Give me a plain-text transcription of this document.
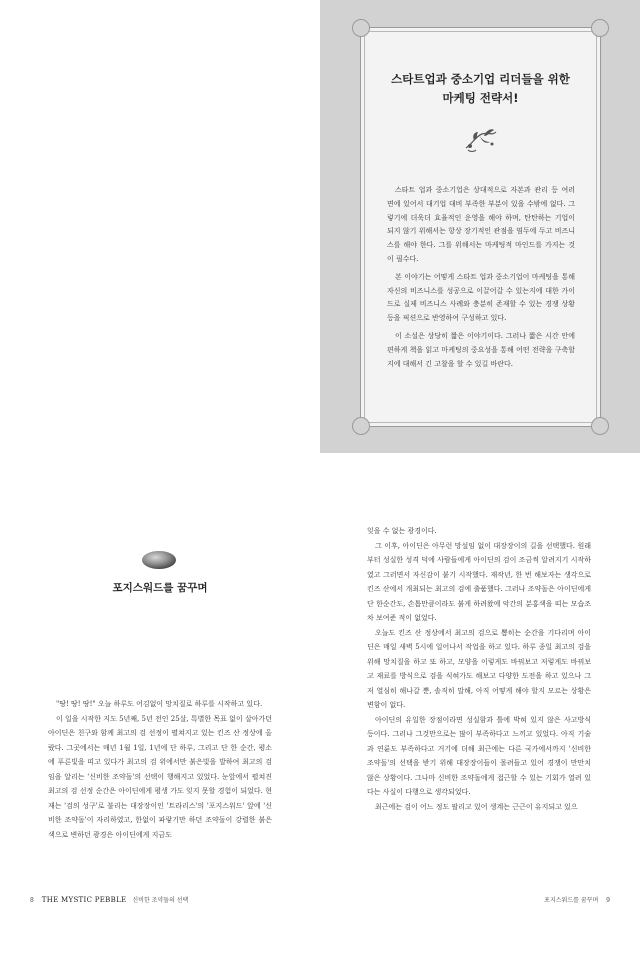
스타트업과 중소기업 리더들을 위한
마케팅 전략서!

스타트 업과 중소기업은 상대적으로 자본과 관리 등 여러 면에 있어서 대기업 대비 부족한 부분이 있을 수밖에 없다. 그렇기에 더욱더 효율적인 운영을 해야 하며, 탄탄하는 기업이 되지 않기 위해서는 항상 장기적인 관점을 염두에 두고 비즈니스를 해야 한다. 그를 위해서는 마케팅적 마인드를 가지는 것이 필수다.

본 이야기는 어떻게 스타트 업과 중소기업이 마케팅을 통해 자신의 비즈니스를 성공으로 이끌어갈 수 있는지에 대한 가이드로 실제 비즈니스 사례와 충분히 존재할 수 있는 경쟁 상황 등을 픽션으로 반영하여 구성하고 있다.

이 소설은 상당히 짧은 이야기이다. 그러나 짧은 시간 안에 편하게 책을 읽고 마케팅의 중요성을 통해 어떤 전략을 구축할지에 대해서 긴 고찰을 할 수 있길 바란다.

포지스워드를 꿈꾸며

"땅! 땅! 땅!" 오늘 하루도 어김없이 망치질로 하루를 시작하고 있다.

이 일을 시작한 지도 5년째, 5년 전인 25살, 특별한 목표 없이 살아가던 아이딘은 친구와 함께 최고의 검 선정이 펼쳐지고 있는 킨즈 산 정상에 올랐다. 그곳에서는 매년 1월 1일, 1년에 단 하루, 그리고 단 한 순간, 평소에 푸른빛을 띠고 있다가 최고의 검 위에서만 붉은빛을 발하여 최고의 검임을 알리는 '신비한 조약돌'의 선택이 행해지고 있었다. 눈앞에서 펼쳐진 최고의 검 선정 순간은 아이딘에게 평생 가도 잊지 못할 경험이 되었다. 현재는 '검의 성구'로 불리는 대장장이인 '트라리스'의 '포지스워드' 앞에 '신비한 조약돌'이 자리하였고, 한없이 파랗기만 하던 조약돌이 강렬한 붉은색으로 변하던 광경은 아이딘에게 지금도

잊을 수 없는 광경이다.

그 이후, 아이딘은 아무런 망설임 없이 대장장이의 길을 선택했다. 원래부터 성실한 성격 덕에 사람들에게 아이딘의 검이 조금씩 알려지기 시작하였고 그러면서 자신감이 붙기 시작했다. 재작년, 한 번 해보자는 생각으로 킨즈 산에서 개최되는 최고의 검에 출품했다. 그러나 조약돌은 아이딘에게 단 한순간도, 손톱만큼이라도 붉게 하려왔에 악간의 분홍색을 띠는 모습조차 보여준 적이 없었다.

오늘도 킨즈 산 정상에서 최고의 검으로 뽑히는 순간을 기다리며 아이딘은 매일 새벽 5시에 일어나서 작업을 하고 있다. 하루 종일 최고의 검을 위해 망치질을 하고 또 하고, 모양을 이렇게도 바꿔보고 저렇게도 바꿔보고 재료를 방식으로 검을 식혀가도 해보고 다양한 도전을 하고 있으나 그저 열심히 해나갈 뿐, 솔직히 말해, 아직 어떻게 해야 할지 모르는 상황은 변함이 없다.

아이딘의 유일한 장점이라면 성실함과 틀에 박혀 있지 않은 사고방식 등이다. 그러나 그것만으로는 많이 부족하다고 느끼고 있었다. 아직 기술과 연륜도 부족하다고 거기에 더해 최근에는 다른 국가에서까지 '신비한 조약돌'의 선택을 받기 위해 대장장이들이 몰려들고 있어 경쟁이 만만치 않은 상황이다. 그나마 신비한 조약돌에게 접근할 수 있는 기회가 열려 있다는 사실이 다행으로 생각되었다.

최근에는 검이 어느 정도 팔리고 있어 생계는 근근이 유지되고 있으

8 THE MYSTIC PEBBLE 신비한 조약돌의 선택	포지스워드를 꿈꾸며 9
